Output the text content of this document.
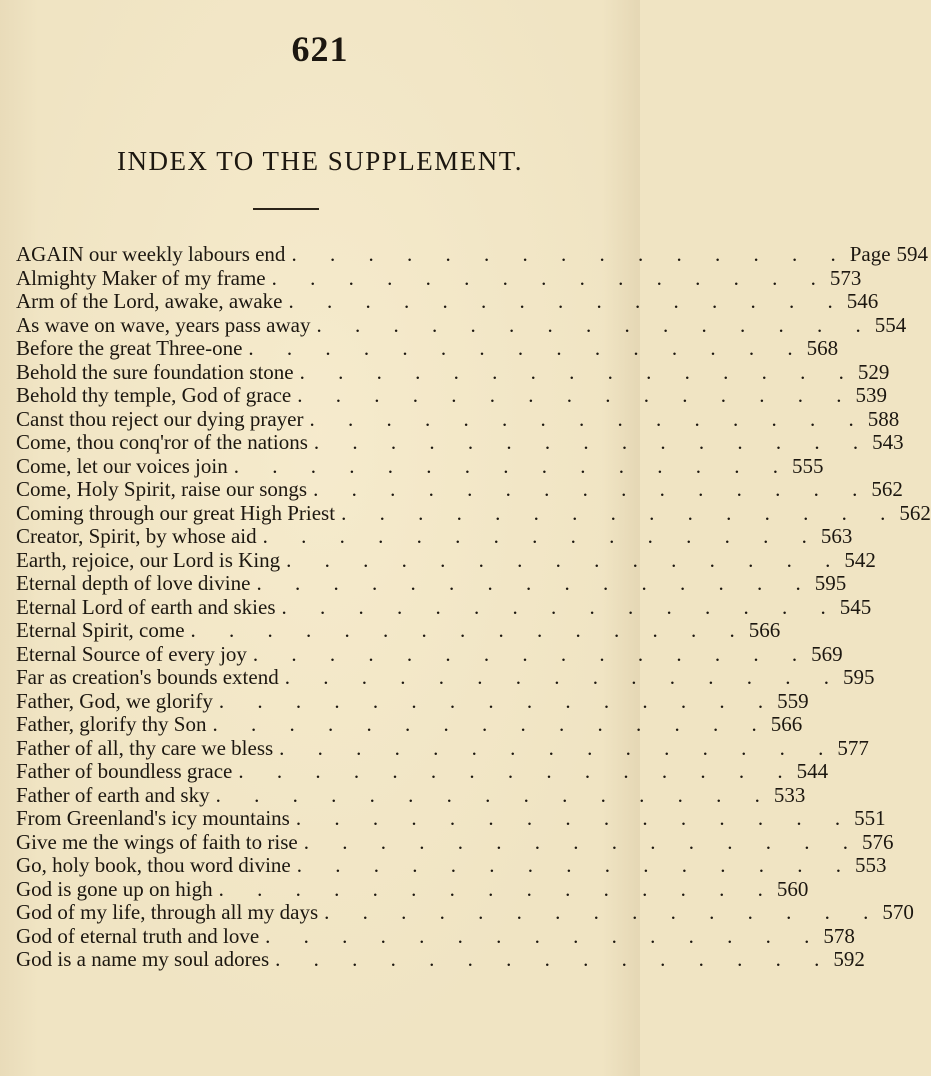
621
INDEX TO THE SUPPLEMENT.
AGAIN our weekly labours end . . . . . . . . . . . . . . . Page 594
Almighty Maker of my frame . . . . . . . . . . . . . . . 573
Arm of the Lord, awake, awake . . . . . . . . . . . . . . . 546
As wave on wave, years pass away . . . . . . . . . . . . . . . 554
Before the great Three-one . . . . . . . . . . . . . . . 568
Behold the sure foundation stone . . . . . . . . . . . . . . . 529
Behold thy temple, God of grace . . . . . . . . . . . . . . . 539
Canst thou reject our dying prayer . . . . . . . . . . . . . . . 588
Come, thou conq'ror of the nations . . . . . . . . . . . . . . . 543
Come, let our voices join . . . . . . . . . . . . . . . 555
Come, Holy Spirit, raise our songs . . . . . . . . . . . . . . . 562
Coming through our great High Priest . . . . . . . . . . . . . . . 562
Creator, Spirit, by whose aid . . . . . . . . . . . . . . . 563
Earth, rejoice, our Lord is King . . . . . . . . . . . . . . . 542
Eternal depth of love divine . . . . . . . . . . . . . . . 595
Eternal Lord of earth and skies . . . . . . . . . . . . . . . 545
Eternal Spirit, come . . . . . . . . . . . . . . . 566
Eternal Source of every joy . . . . . . . . . . . . . . . 569
Far as creation's bounds extend . . . . . . . . . . . . . . . 595
Father, God, we glorify . . . . . . . . . . . . . . . 559
Father, glorify thy Son . . . . . . . . . . . . . . . 566
Father of all, thy care we bless . . . . . . . . . . . . . . . 577
Father of boundless grace . . . . . . . . . . . . . . . 544
Father of earth and sky . . . . . . . . . . . . . . . 533
From Greenland's icy mountains . . . . . . . . . . . . . . . 551
Give me the wings of faith to rise . . . . . . . . . . . . . . . 576
Go, holy book, thou word divine . . . . . . . . . . . . . . . 553
God is gone up on high . . . . . . . . . . . . . . . 560
God of my life, through all my days . . . . . . . . . . . . . . . 570
God of eternal truth and love . . . . . . . . . . . . . . . 578
God is a name my soul adores . . . . . . . . . . . . . . . 592
